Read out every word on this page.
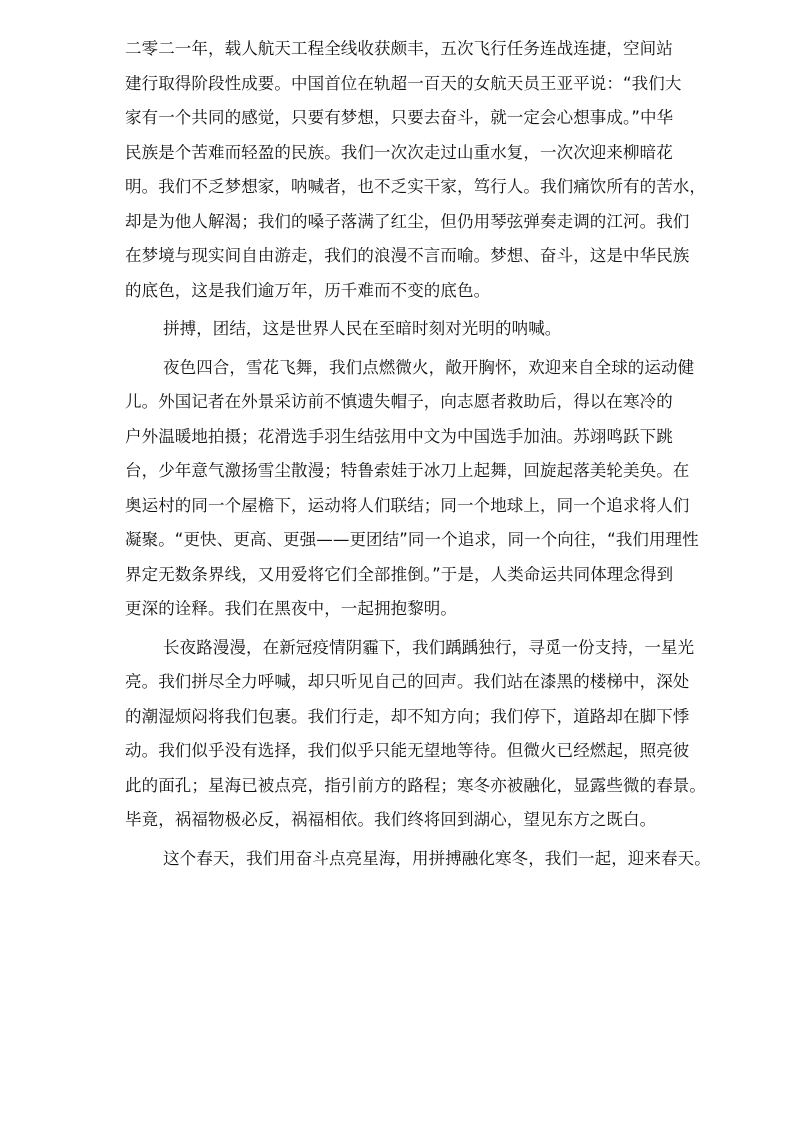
二零二一年，载人航天工程全线收获颇丰，五次飞行任务连战连捷，空间站
建行取得阶段性成要。中国首位在轨超一百天的女航天员王亚平说：“我们大
家有一个共同的感觉，只要有梦想，只要去奋斗，就一定会心想事成。”中华
民族是个苦难而轻盈的民族。我们一次次走过山重水复，一次次迎来柳暗花
明。我们不乏梦想家，呐喊者，也不乏实干家，笃行人。我们痛饮所有的苦水，
却是为他人解渴；我们的嗓子落满了红尘，但仍用琴弦弹奏走调的江河。我们
在梦境与现实间自由游走，我们的浪漫不言而喻。梦想、奋斗，这是中华民族
的底色，这是我们逾万年，历千难而不变的底色。
拼搏，团结，这是世界人民在至暗时刻对光明的呐喊。
夜色四合，雪花飞舞，我们点燃微火，敞开胸怀，欢迎来自全球的运动健
儿。外国记者在外景采访前不慎遗失帽子，向志愿者救助后，得以在寒冷的
户外温暖地拍摄；花滑选手羽生结弦用中文为中国选手加油。苏翊鸣跃下跳
台，少年意气激扬雪尘散漫；特鲁索娃于冰刀上起舞，回旋起落美轮美奂。在
奥运村的同一个屋檐下，运动将人们联结；同一个地球上，同一个追求将人们
凝聚。“更快、更高、更强——更团结”同一个追求，同一个向往，“我们用理性
界定无数条界线，又用爱将它们全部推倒。”于是，人类命运共同体理念得到
更深的诠释。我们在黑夜中，一起拥抱黎明。
长夜路漫漫，在新冠疫情阴霾下，我们踽踽独行，寻觅一份支持，一星光
亮。我们拼尽全力呼喊，却只听见自己的回声。我们站在漆黑的楼梯中，深处
的潮湿烦闷将我们包裹。我们行走，却不知方向；我们停下，道路却在脚下悸
动。我们似乎没有选择，我们似乎只能无望地等待。但微火已经燃起，照亮彼
此的面孔；星海已被点亮，指引前方的路程；寒冬亦被融化，显露些微的春景。
毕竟，祸福物极必反，祸福相依。我们终将回到湖心，望见东方之既白。
这个春天，我们用奋斗点亮星海，用拼搏融化寒冬，我们一起，迎来春天。
